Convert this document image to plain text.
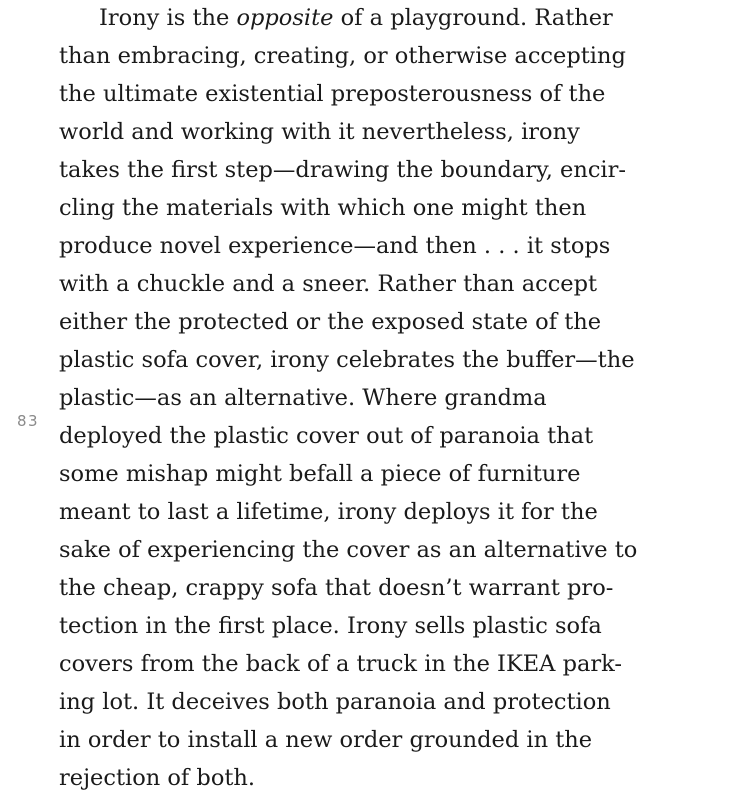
83
Irony is the opposite of a playground. Rather
than embracing, creating, or otherwise accepting
the ultimate existential preposterousness of the
world and working with it nevertheless, irony
takes the first step—drawing the boundary, encir-
cling the materials with which one might then
produce novel experience—and then . . . it stops
with a chuckle and a sneer. Rather than accept
either the protected or the exposed state of the
plastic sofa cover, irony celebrates the buffer—the
plastic—as an alternative. Where grandma
deployed the plastic cover out of paranoia that
some mishap might befall a piece of furniture
meant to last a lifetime, irony deploys it for the
sake of experiencing the cover as an alternative to
the cheap, crappy sofa that doesn’t warrant pro-
tection in the first place. Irony sells plastic sofa
covers from the back of a truck in the IKEA park-
ing lot. It deceives both paranoia and protection
in order to install a new order grounded in the
rejection of both.
